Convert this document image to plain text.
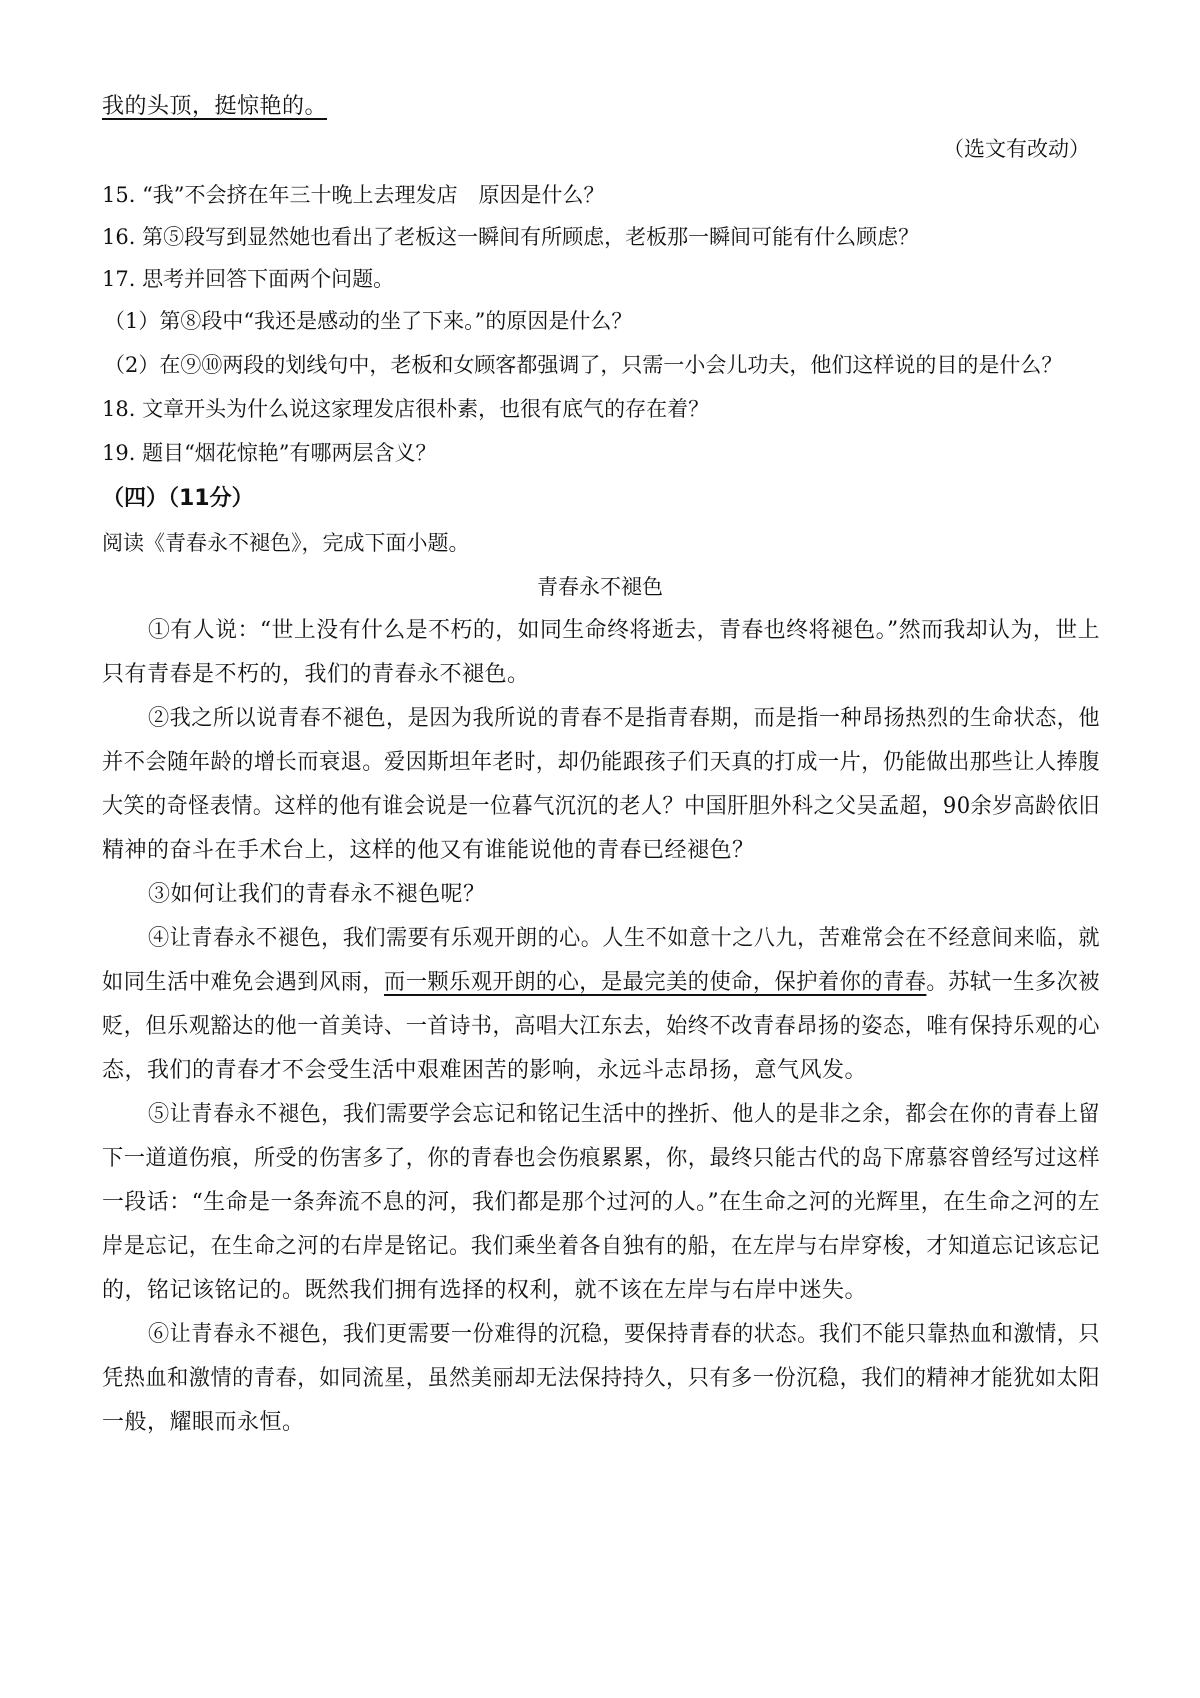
我的头顶，挺惊艳的。
（选文有改动）
15. “我”不会挤在年三十晚上去理发店　原因是什么？
16. 第⑤段写到显然她也看出了老板这一瞬间有所顾虑，老板那一瞬间可能有什么顾虑？
17. 思考并回答下面两个问题。
（1）第⑧段中“我还是感动的坐了下来。”的原因是什么？
（2）在⑨⑩两段的划线句中，老板和女顾客都强调了，只需一小会儿功夫，他们这样说的目的是什么？
18. 文章开头为什么说这家理发店很朴素，也很有底气的存在着？
19. 题目“烟花惊艳”有哪两层含义？
（四）（11分）
阅读《青春永不褪色》，完成下面小题。
青春永不褪色
①有人说：“世上没有什么是不朽的，如同生命终将逝去，青春也终将褪色。”然而我却认为，世上
只有青春是不朽的，我们的青春永不褪色。
②我之所以说青春不褪色，是因为我所说的青春不是指青春期，而是指一种昂扬热烈的生命状态，他
并不会随年龄的增长而衰退。爱因斯坦年老时，却仍能跟孩子们天真的打成一片，仍能做出那些让人捧腹
大笑的奇怪表情。这样的他有谁会说是一位暮气沉沉的老人？中国肝胆外科之父吴孟超，90余岁高龄依旧
精神的奋斗在手术台上，这样的他又有谁能说他的青春已经褪色？
③如何让我们的青春永不褪色呢？
④让青春永不褪色，我们需要有乐观开朗的心。人生不如意十之八九，苦难常会在不经意间来临，就
如同生活中难免会遇到风雨，而一颗乐观开朗的心，是最完美的使命，保护着你的青春。苏轼一生多次被
贬，但乐观豁达的他一首美诗、一首诗书，高唱大江东去，始终不改青春昂扬的姿态，唯有保持乐观的心
态，我们的青春才不会受生活中艰难困苦的影响，永远斗志昂扬，意气风发。
⑤让青春永不褪色，我们需要学会忘记和铭记生活中的挫折、他人的是非之余，都会在你的青春上留
下一道道伤痕，所受的伤害多了，你的青春也会伤痕累累，你，最终只能古代的岛下席慕容曾经写过这样
一段话：“生命是一条奔流不息的河，我们都是那个过河的人。”在生命之河的光辉里，在生命之河的左
岸是忘记，在生命之河的右岸是铭记。我们乘坐着各自独有的船，在左岸与右岸穿梭，才知道忘记该忘记
的，铭记该铭记的。既然我们拥有选择的权利，就不该在左岸与右岸中迷失。
⑥让青春永不褪色，我们更需要一份难得的沉稳，要保持青春的状态。我们不能只靠热血和激情，只
凭热血和激情的青春，如同流星，虽然美丽却无法保持持久，只有多一份沉稳，我们的精神才能犹如太阳
一般，耀眼而永恒。
